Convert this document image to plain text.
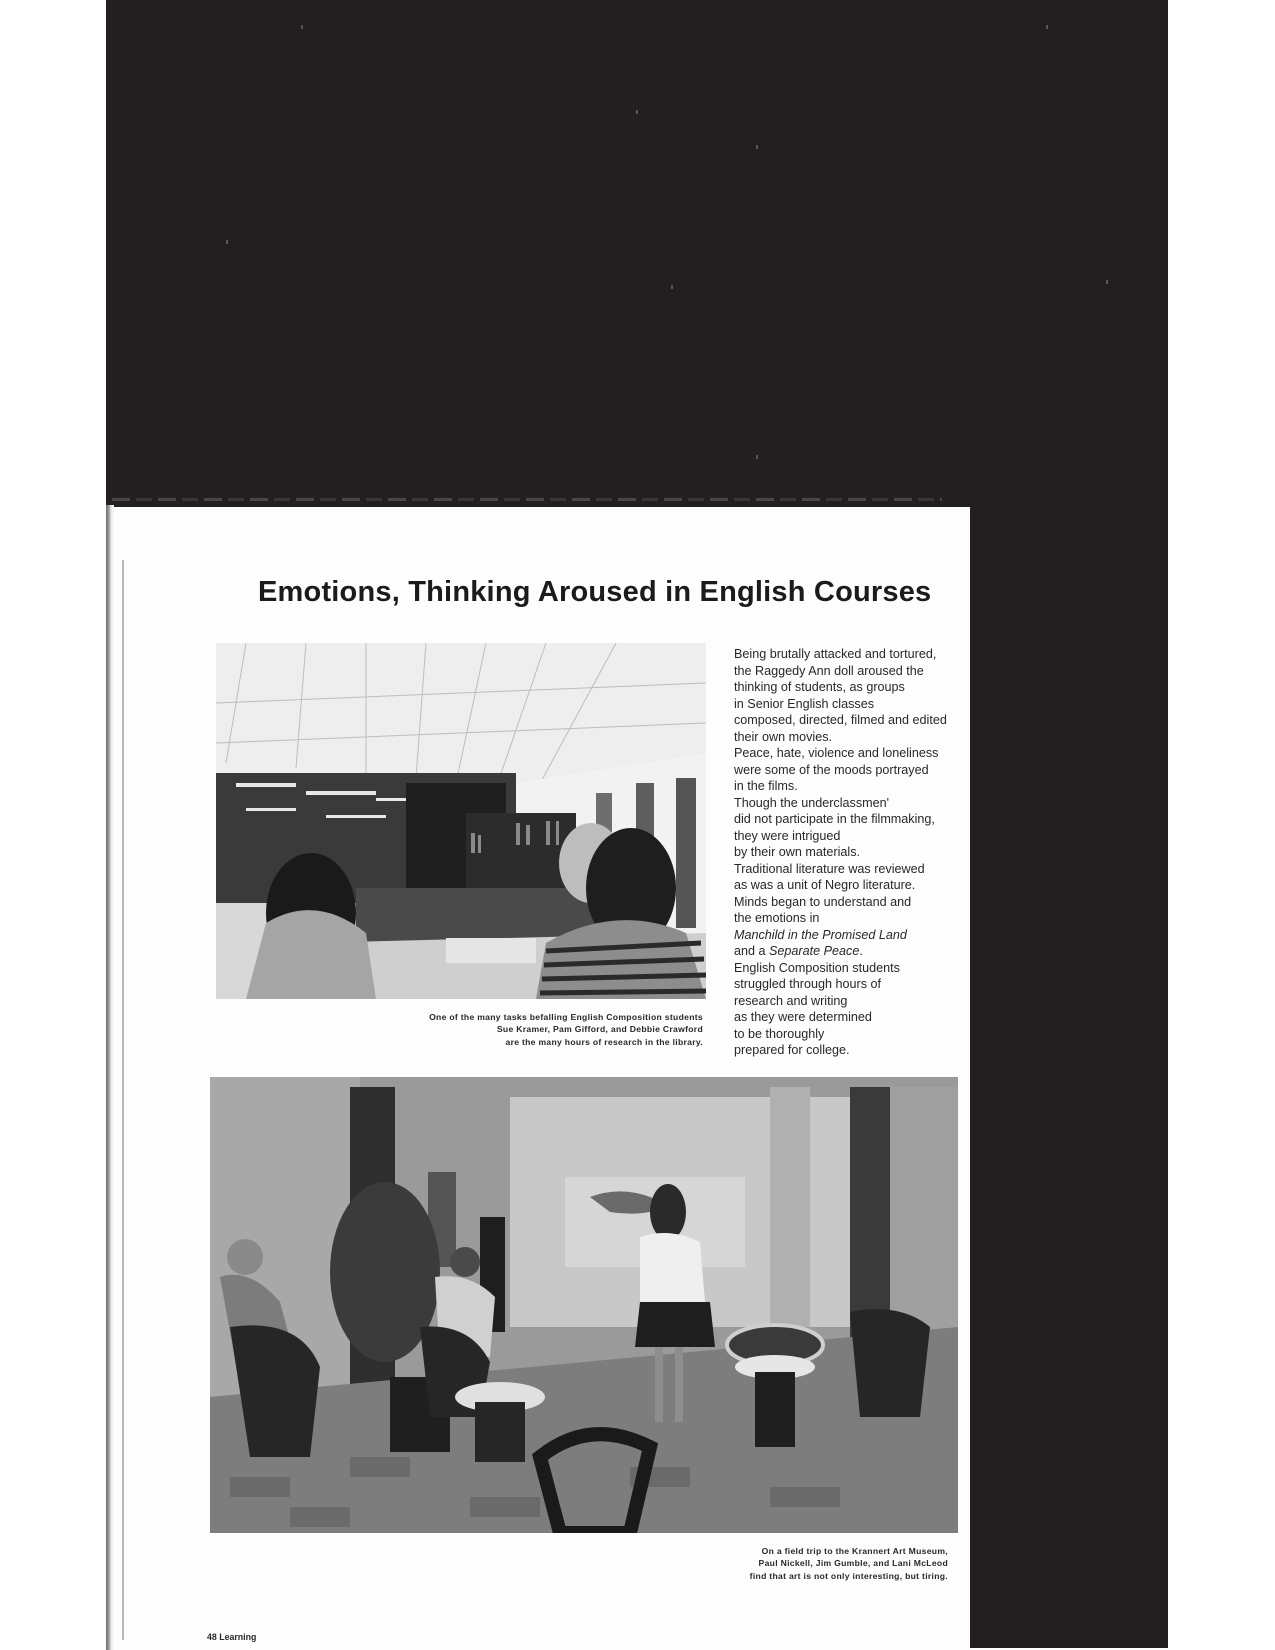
Emotions, Thinking Aroused in English Courses
Being brutally attacked and tortured,
the Raggedy Ann doll aroused the
thinking of students, as groups
in Senior English classes
composed, directed, filmed and edited
their own movies.
Peace, hate, violence and loneliness
were some of the moods portrayed
in the films.
Though the underclassmen'
did not participate in the filmmaking,
they were intrigued
by their own materials.
Traditional literature was reviewed
as was a unit of Negro literature.
Minds began to understand and
the emotions in
Manchild in the Promised Land
and a Separate Peace.
English Composition students
struggled through hours of
research and writing
as they were determined
to be thoroughly
prepared for college.
One of the many tasks befalling English Composition students
Sue Kramer, Pam Gifford, and Debbie Crawford
are the many hours of research in the library.
On a field trip to the Krannert Art Museum,
Paul Nickell, Jim Gumble, and Lani McLeod
find that art is not only interesting, but tiring.
48 Learning
